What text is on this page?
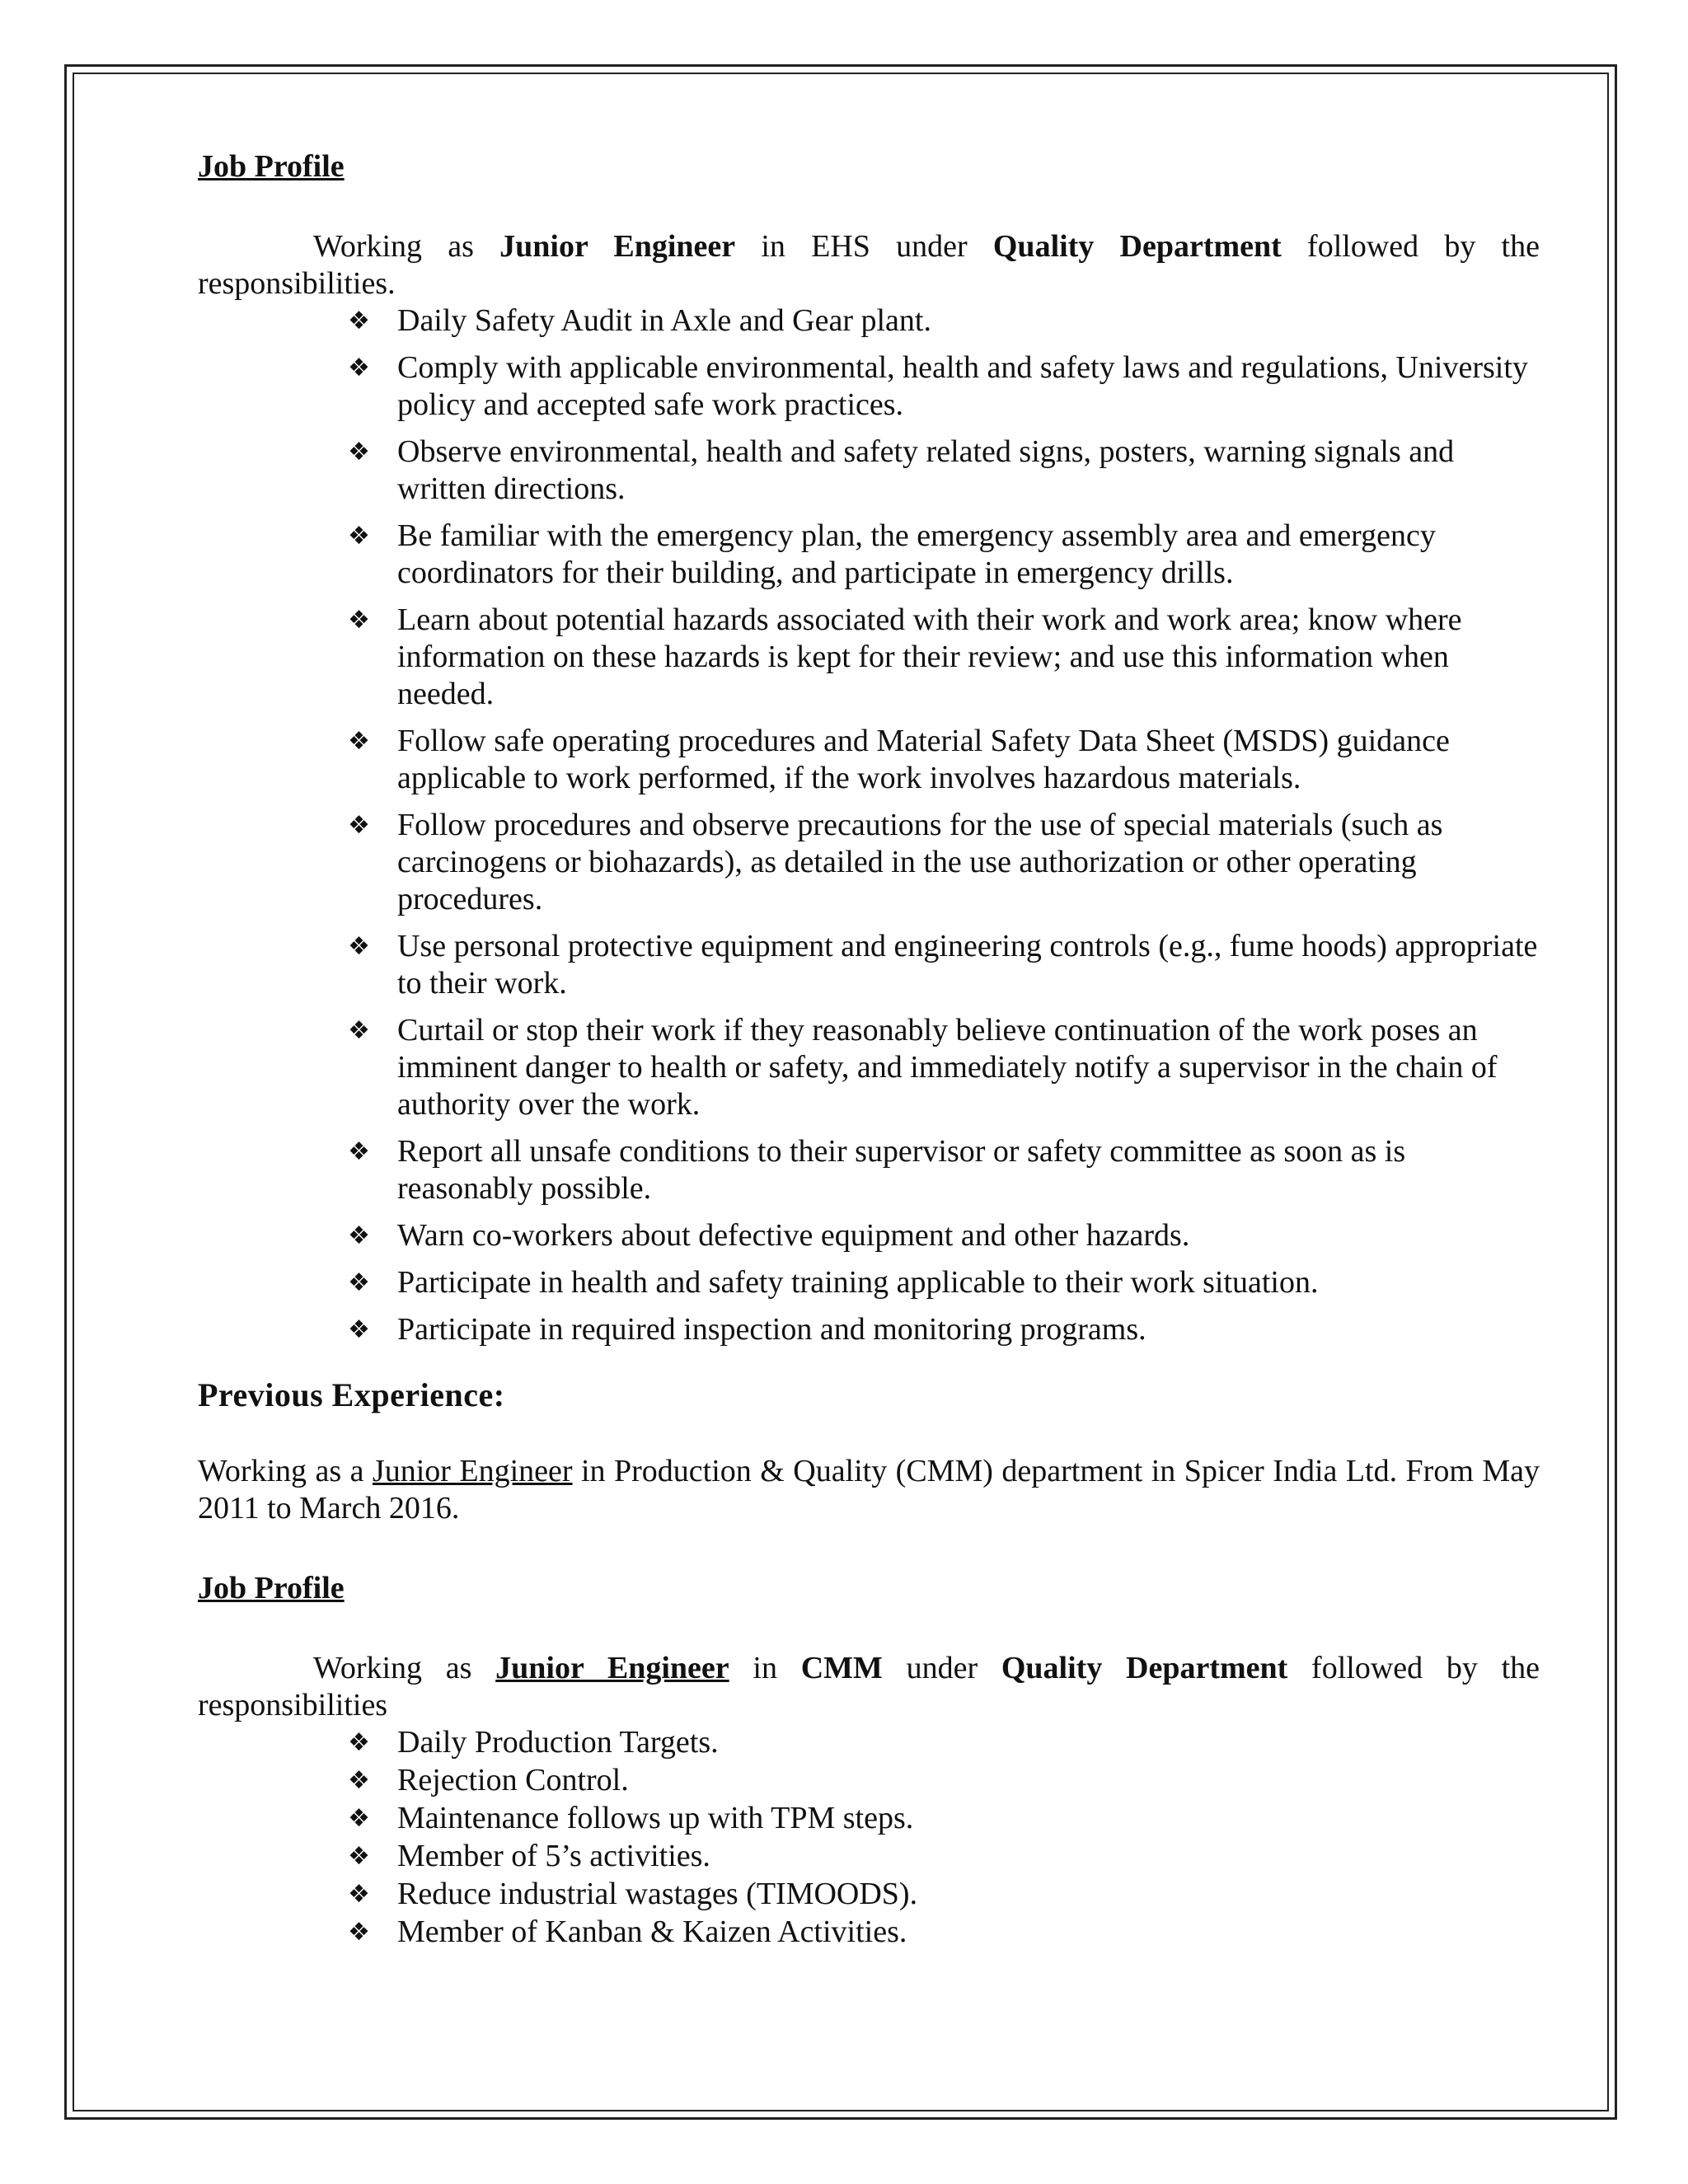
Job Profile

Working as Junior Engineer in EHS under Quality Department followed by the responsibilities.

❖ Daily Safety Audit in Axle and Gear plant.
❖ Comply with applicable environmental, health and safety laws and regulations, University policy and accepted safe work practices.
❖ Observe environmental, health and safety related signs, posters, warning signals and written directions.
❖ Be familiar with the emergency plan, the emergency assembly area and emergency coordinators for their building, and participate in emergency drills.
❖ Learn about potential hazards associated with their work and work area; know where information on these hazards is kept for their review; and use this information when needed.
❖ Follow safe operating procedures and Material Safety Data Sheet (MSDS) guidance applicable to work performed, if the work involves hazardous materials.
❖ Follow procedures and observe precautions for the use of special materials (such as carcinogens or biohazards), as detailed in the use authorization or other operating procedures.
❖ Use personal protective equipment and engineering controls (e.g., fume hoods) appropriate to their work.
❖ Curtail or stop their work if they reasonably believe continuation of the work poses an imminent danger to health or safety, and immediately notify a supervisor in the chain of authority over the work.
❖ Report all unsafe conditions to their supervisor or safety committee as soon as is reasonably possible.
❖ Warn co-workers about defective equipment and other hazards.
❖ Participate in health and safety training applicable to their work situation.
❖ Participate in required inspection and monitoring programs.

Previous Experience:

Working as a Junior Engineer in Production & Quality (CMM) department in Spicer India Ltd. From May 2011 to March 2016.

Job Profile

Working as Junior Engineer in CMM under Quality Department followed by the responsibilities

❖ Daily Production Targets.
❖ Rejection Control.
❖ Maintenance follows up with TPM steps.
❖ Member of 5’s activities.
❖ Reduce industrial wastages (TIMOODS).
❖ Member of Kanban & Kaizen Activities.
